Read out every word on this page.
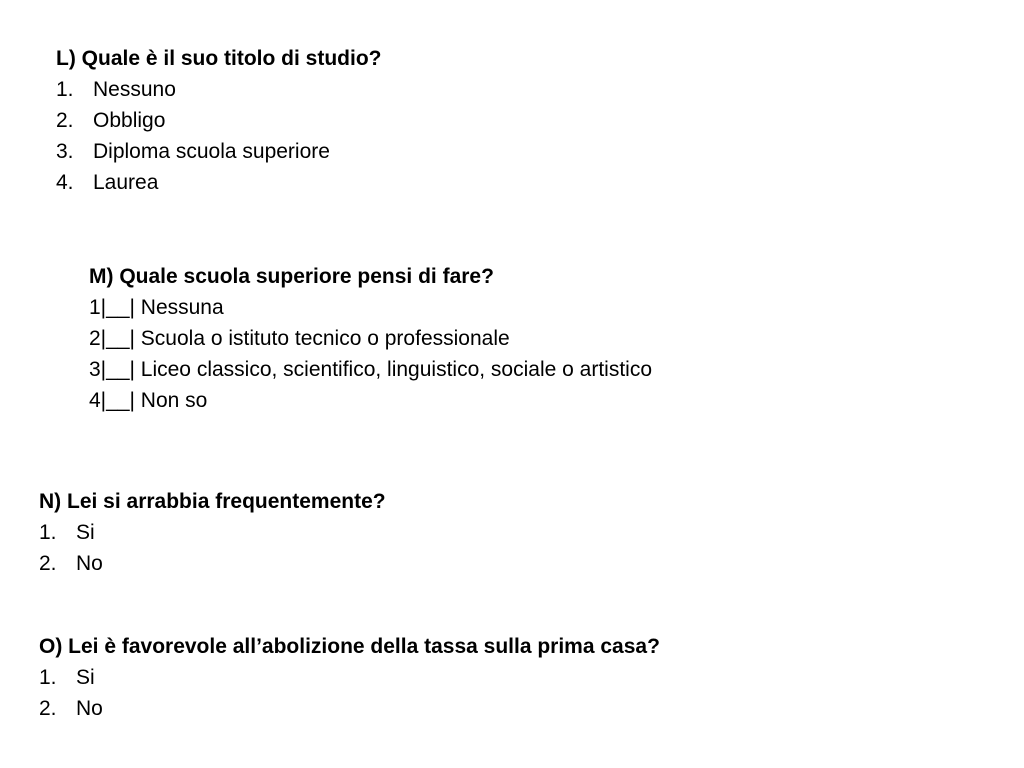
L) Quale è il suo titolo di studio?
1. Nessuno
2. Obbligo
3. Diploma scuola superiore
4. Laurea
M) Quale scuola superiore pensi di fare?
1|__| Nessuna
2|__| Scuola o istituto tecnico o professionale
3|__| Liceo classico, scientifico, linguistico, sociale o artistico
4|__| Non so
N) Lei si arrabbia frequentemente?
1. Si
2. No
O) Lei è favorevole all’abolizione della tassa sulla prima casa?
1. Si
2. No
